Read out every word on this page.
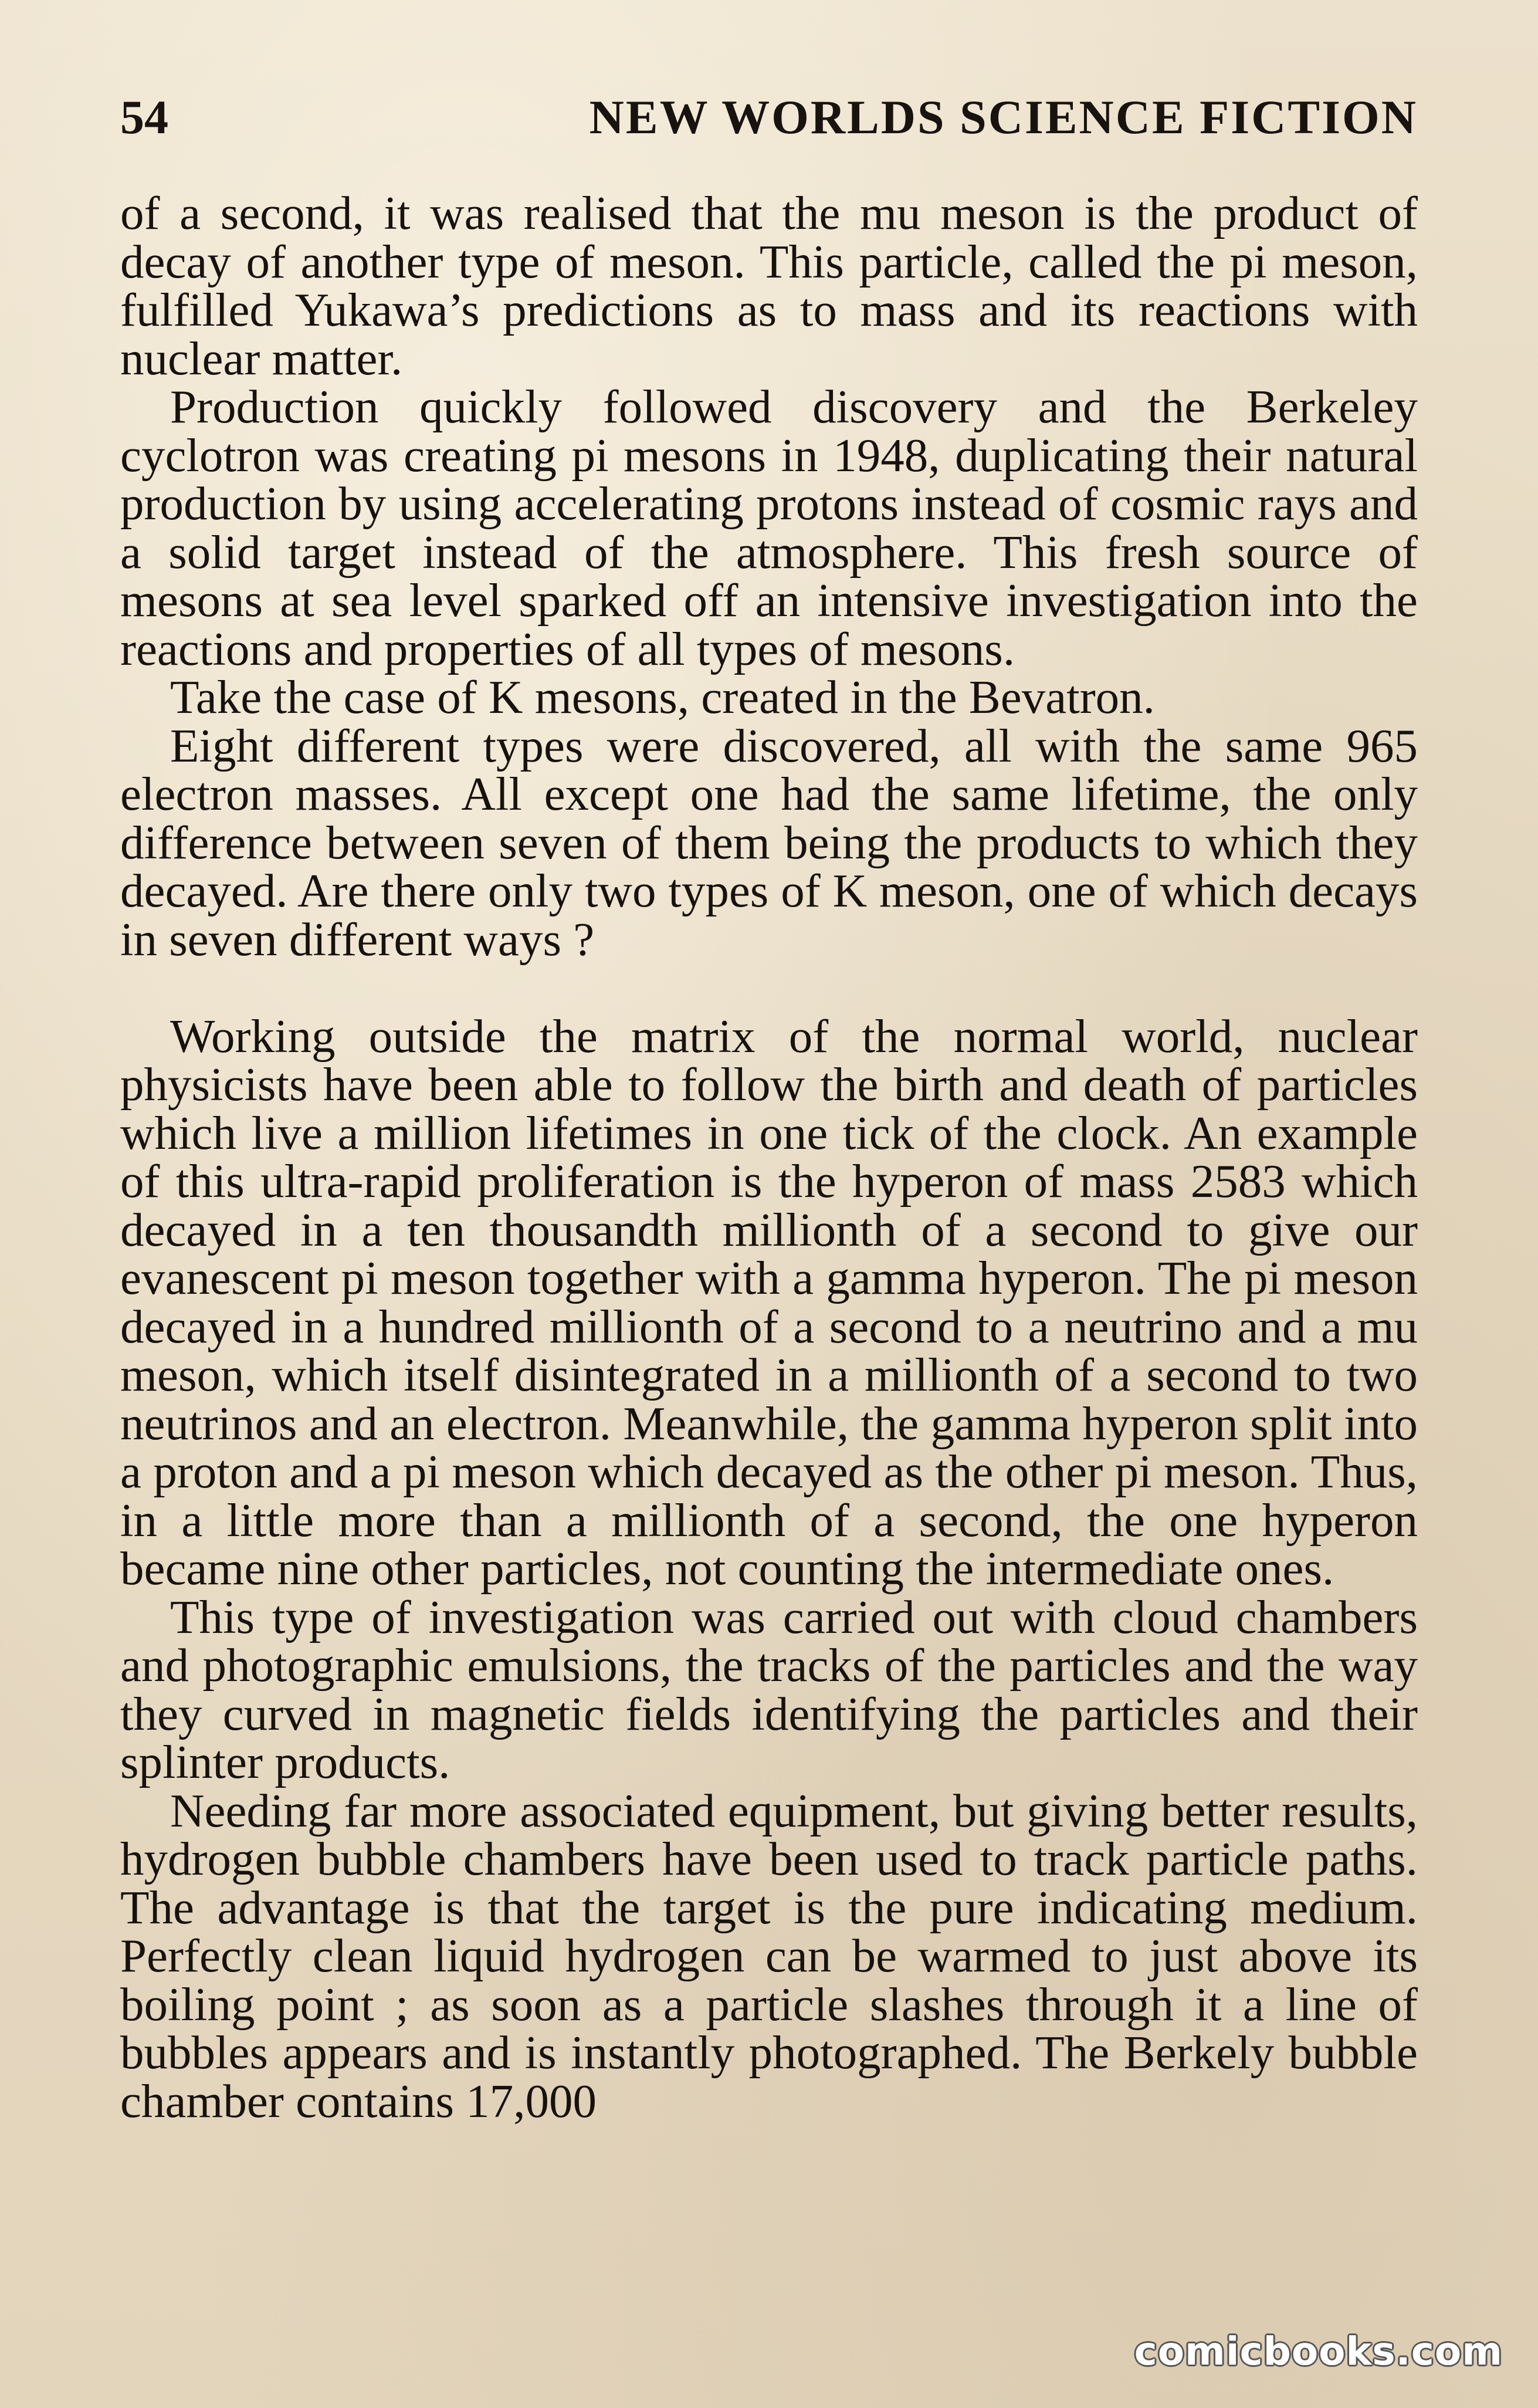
54	NEW WORLDS SCIENCE FICTION

of a second, it was realised that the mu meson is the product of decay of another type of meson. This particle, called the pi meson, fulfilled Yukawa’s predictions as to mass and its reactions with nuclear matter.

Production quickly followed discovery and the Berkeley cyclotron was creating pi mesons in 1948, duplicating their natural production by using accelerating protons instead of cosmic rays and a solid target instead of the atmosphere. This fresh source of mesons at sea level sparked off an intensive investigation into the reactions and properties of all types of mesons.

Take the case of K mesons, created in the Bevatron.

Eight different types were discovered, all with the same 965 electron masses. All except one had the same lifetime, the only difference between seven of them being the products to which they decayed. Are there only two types of K meson, one of which decays in seven different ways ?

Working outside the matrix of the normal world, nuclear physicists have been able to follow the birth and death of particles which live a million lifetimes in one tick of the clock. An example of this ultra-rapid proliferation is the hyperon of mass 2583 which decayed in a ten thousandth millionth of a second to give our evanescent pi meson together with a gamma hyperon. The pi meson decayed in a hundred millionth of a second to a neutrino and a mu meson, which itself disintegrated in a millionth of a second to two neutrinos and an electron. Meanwhile, the gamma hyperon split into a proton and a pi meson which decayed as the other pi meson. Thus, in a little more than a millionth of a second, the one hyperon became nine other particles, not counting the intermediate ones.

This type of investigation was carried out with cloud chambers and photographic emulsions, the tracks of the particles and the way they curved in magnetic fields identifying the particles and their splinter products.

Needing far more associated equipment, but giving better results, hydrogen bubble chambers have been used to track particle paths. The advantage is that the target is the pure indicating medium. Perfectly clean liquid hydrogen can be warmed to just above its boiling point ; as soon as a particle slashes through it a line of bubbles appears and is instantly photographed. The Berkely bubble chamber contains 17,000

comicbooks.com
